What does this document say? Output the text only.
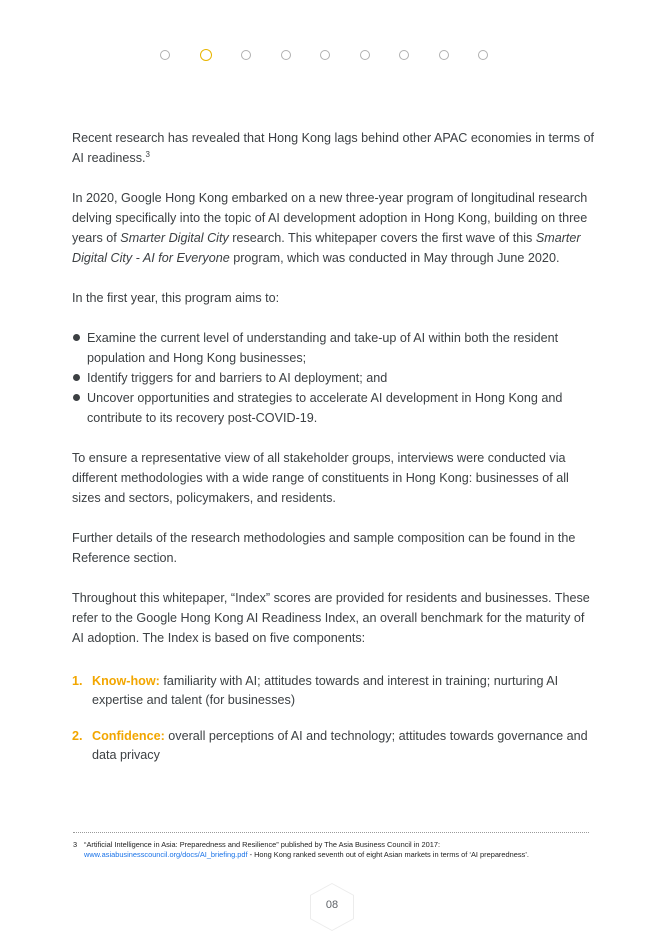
Recent research has revealed that Hong Kong lags behind other APAC economies in terms of AI readiness.$^3$

In 2020, Google Hong Kong embarked on a new three-year program of longitudinal research delving specifically into the topic of AI development adoption in Hong Kong, building on three years of Smarter Digital City research. This whitepaper covers the first wave of this Smarter Digital City - AI for Everyone program, which was conducted in May through June 2020.

In the first year, this program aims to:

Examine the current level of understanding and take-up of AI within both the resident population and Hong Kong businesses;
Identify triggers for and barriers to AI deployment; and
Uncover opportunities and strategies to accelerate AI development in Hong Kong and contribute to its recovery post-COVID-19.

To ensure a representative view of all stakeholder groups, interviews were conducted via different methodologies with a wide range of constituents in Hong Kong: businesses of all sizes and sectors, policymakers, and residents.

Further details of the research methodologies and sample composition can be found in the Reference section.

Throughout this whitepaper, “Index” scores are provided for residents and businesses. These refer to the Google Hong Kong AI Readiness Index, an overall benchmark for the maturity of AI adoption. The Index is based on five components:

1. Know-how: familiarity with AI; attitudes towards and interest in training; nurturing AI expertise and talent (for businesses)
2. Confidence: overall perceptions of AI and technology; attitudes towards governance and data privacy
3 “Artificial Intelligence in Asia: Preparedness and Resilience” published by The Asia Business Council in 2017:
www.asiabusinesscouncil.org/docs/AI_briefing.pdf - Hong Kong ranked seventh out of eight Asian markets in terms of ‘AI preparedness’.
08
